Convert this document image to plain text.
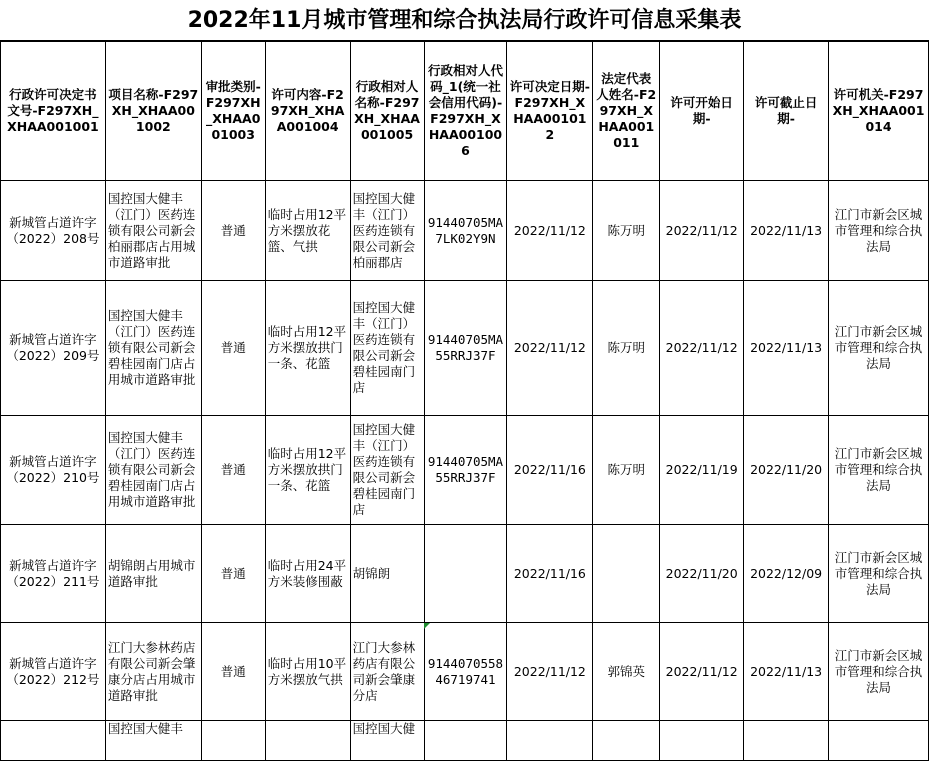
2022年11月城市管理和综合执法局行政许可信息采集表
行政许可决定书文号-F297XH_XHAA001001	项目名称-F297XH_XHAA001002	审批类别-F297XH_XHAA001003	许可内容-F297XH_XHAA001004	行政相对人名称-F297XH_XHAA001005	行政相对人代码_1(统一社会信用代码)-F297XH_XHAA001006	许可决定日期-F297XH_XHAA001012	法定代表人姓名-F297XH_XHAA001011	许可开始日期-	许可截止日期-	许可机关-F297XH_XHAA001014
新城管占道许字（2022）208号	国控国大健丰（江门）医药连锁有限公司新会柏丽郡店占用城市道路审批	普通	临时占用12平方米摆放花篮、气拱	国控国大健丰（江门）医药连锁有限公司新会柏丽郡店	91440705MA7LK02Y9N	2022/11/12	陈万明	2022/11/12	2022/11/13	江门市新会区城市管理和综合执法局
新城管占道许字（2022）209号	国控国大健丰（江门）医药连锁有限公司新会碧桂园南门店占用城市道路审批	普通	临时占用12平方米摆放拱门一条、花篮	国控国大健丰（江门）医药连锁有限公司新会碧桂园南门店	91440705MA55RRJ37F	2022/11/12	陈万明	2022/11/12	2022/11/13	江门市新会区城市管理和综合执法局
新城管占道许字（2022）210号	国控国大健丰（江门）医药连锁有限公司新会碧桂园南门店占用城市道路审批	普通	临时占用12平方米摆放拱门一条、花篮	国控国大健丰（江门）医药连锁有限公司新会碧桂园南门店	91440705MA55RRJ37F	2022/11/16	陈万明	2022/11/19	2022/11/20	江门市新会区城市管理和综合执法局
新城管占道许字（2022）211号	胡锦朗占用城市道路审批	普通	临时占用24平方米装修围蔽	胡锦朗		2022/11/16		2022/11/20	2022/12/09	江门市新会区城市管理和综合执法局
新城管占道许字（2022）212号	江门大参林药店有限公司新会肇康分店占用城市道路审批	普通	临时占用10平方米摆放气拱	江门大参林药店有限公司新会肇康分店	914407055846719741	2022/11/12	郭锦英	2022/11/12	2022/11/13	江门市新会区城市管理和综合执法局
	国控国大健丰			国控国大健						
